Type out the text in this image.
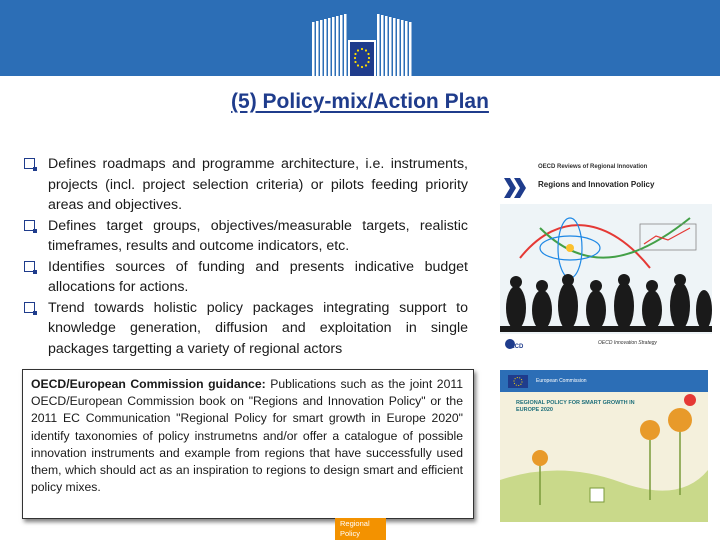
(5) Policy-mix/Action Plan
Defines roadmaps and programme architecture, i.e. instruments, projects (incl. project selection criteria) or pilots feeding priority areas and objectives.
Defines target groups, objectives/measurable targets, realistic timeframes, results and outcome indicators, etc.
Identifies sources of funding and presents indicative budget allocations for actions.
Trend towards holistic policy packages integrating support to knowledge generation, diffusion and exploitation in single packages targetting a variety of regional actors
OECD/European Commission guidance: Publications such as the joint 2011 OECD/European Commission book on "Regions and Innovation Policy" or the 2011 EC Communication "Regional Policy for smart growth in Europe 2020" identify taxonomies of policy instrumetns and/or offer a catalogue of possible innovation instruments and example from regions that have successfully used them, which should act as an inspiration to regions to design smart and efficient policy mixes.
OECD Reviews of Regional Innovation
Regions and Innovation Policy
OECD
OECD Innovation Strategy
European Commission
REGIONAL POLICY FOR SMART GROWTH IN EUROPE 2020
Regional
Policy
